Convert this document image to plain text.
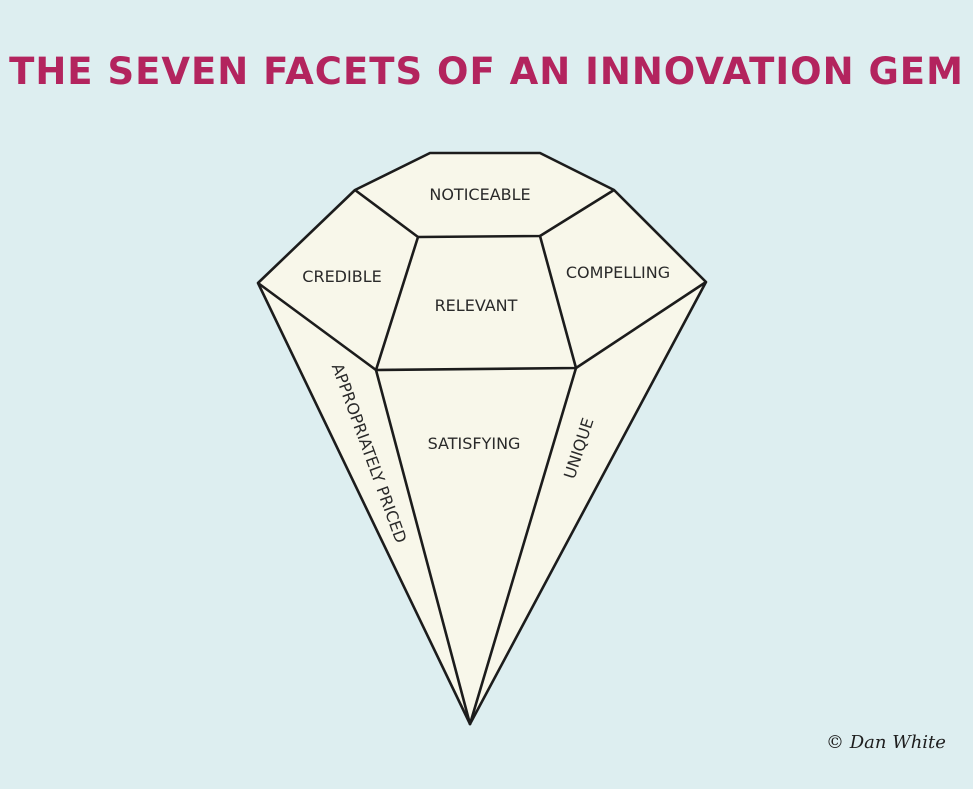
THE SEVEN FACETS OF AN INNOVATION GEM
NOTICEABLE
CREDIBLE	COMPELLING
RELEVANT
SATISFYING
APPROPRIATELY PRICED	UNIQUE
© Dan White
